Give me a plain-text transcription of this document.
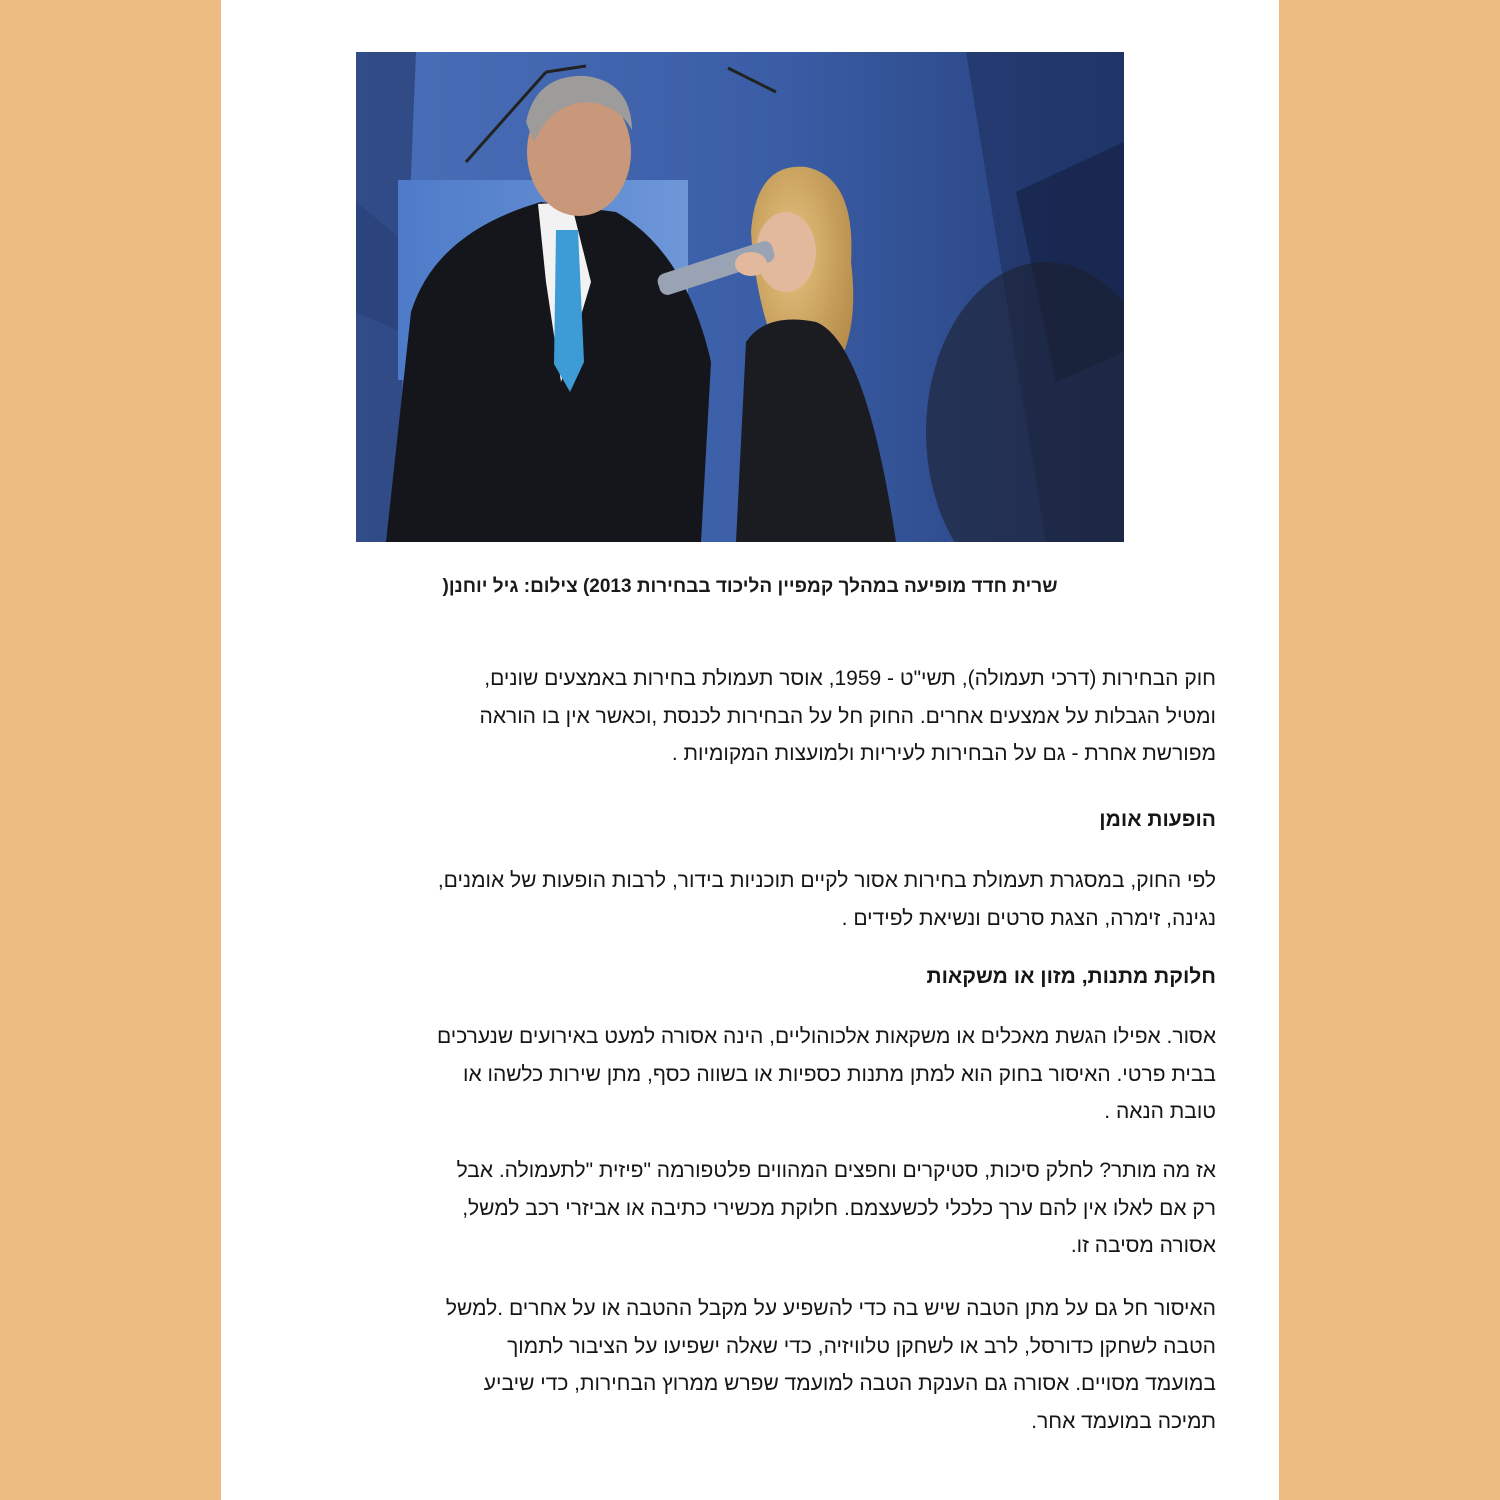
שרית חדד מופיעה במהלך קמפיין הליכוד בבחירות 2013) צילום: גיל יוחנן(

חוק הבחירות (דרכי תעמולה), תשי"ט - 1959, אוסר תעמולת בחירות באמצעים שונים,
ומטיל הגבלות על אמצעים אחרים. החוק חל על הבחירות לכנסת ,וכאשר אין בו הוראה
מפורשת אחרת - גם על הבחירות לעיריות ולמועצות המקומיות .

הופעות אומן

לפי החוק, במסגרת תעמולת בחירות אסור לקיים תוכניות בידור, לרבות הופעות של אומנים,
נגינה, זימרה, הצגת סרטים ונשיאת לפידים .

חלוקת מתנות, מזון או משקאות

אסור. אפילו הגשת מאכלים או משקאות אלכוהוליים, הינה אסורה למעט באירועים שנערכים
בבית פרטי. האיסור בחוק הוא למתן מתנות כספיות או בשווה כסף, מתן שירות כלשהו או
טובת הנאה .

אז מה מותר? לחלק סיכות, סטיקרים וחפצים המהווים פלטפורמה "פיזית "לתעמולה. אבל
רק אם לאלו אין להם ערך כלכלי לכשעצמם. חלוקת מכשירי כתיבה או אביזרי רכב למשל,
אסורה מסיבה זו.

האיסור חל גם על מתן הטבה שיש בה כדי להשפיע על מקבל ההטבה או על אחרים .למשל
הטבה לשחקן כדורסל, לרב או לשחקן טלוויזיה, כדי שאלה ישפיעו על הציבור לתמוך
במועמד מסויים. אסורה גם הענקת הטבה למועמד שפרש ממרוץ הבחירות, כדי שיביע
תמיכה במועמד אחר.
